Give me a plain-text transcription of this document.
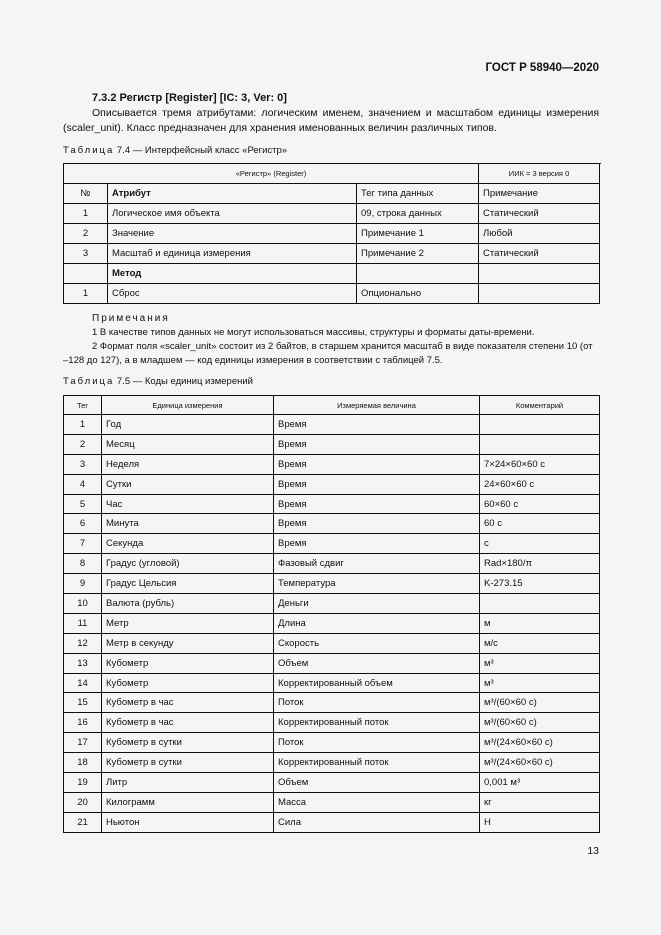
ГОСТ Р 58940—2020
7.3.2 Регистр [Register] [IC: 3, Ver: 0]
Описывается тремя атрибутами: логическим именем, значением и масштабом единицы измерения (scaler_unit). Класс предназначен для хранения именованных величин различных типов.
Таблица 7.4 — Интерфейсный класс «Регистр»
«Регистр» (Register)			ИИК = 3 версия 0
№	Атрибут	Тег типа данных	Примечание
1	Логическое имя объекта	09, строка данных	Статический
2	Значение	Примечание 1	Любой
3	Масштаб и единица измерения	Примечание 2	Статический
	Метод		
1	Сброс	Опционально	
Примечания
1 В качестве типов данных не могут использоваться массивы, структуры и форматы даты-времени.
2 Формат поля «scaler_unit» состоит из 2 байтов, в старшем хранится масштаб в виде показателя степени 10 (от –128 до 127), а в младшем — код единицы измерения в соответствии с таблицей 7.5.
Таблица 7.5 — Коды единиц измерений
Тег	Единица измерения	Измеряемая величина	Комментарий
1	Год	Время	
2	Месяц	Время	
3	Неделя	Время	7×24×60×60 с
4	Сутки	Время	24×60×60 с
5	Час	Время	60×60 с
6	Минута	Время	60 с
7	Секунда	Время	с
8	Градус (угловой)	Фазовый сдвиг	Rad×180/π
9	Градус Цельсия	Температура	K-273.15
10	Валюта (рубль)	Деньги	
11	Метр	Длина	м
12	Метр в секунду	Скорость	м/с
13	Кубометр	Объем	м³
14	Кубометр	Корректированный объем	м³
15	Кубометр в час	Поток	м³/(60×60 с)
16	Кубометр в час	Корректированный поток	м³/(60×60 с)
17	Кубометр в сутки	Поток	м³/(24×60×60 с)
18	Кубометр в сутки	Корректированный поток	м³/(24×60×60 с)
19	Литр	Объем	0,001 м³
20	Килограмм	Масса	кг
21	Ньютон	Сила	Н
13
